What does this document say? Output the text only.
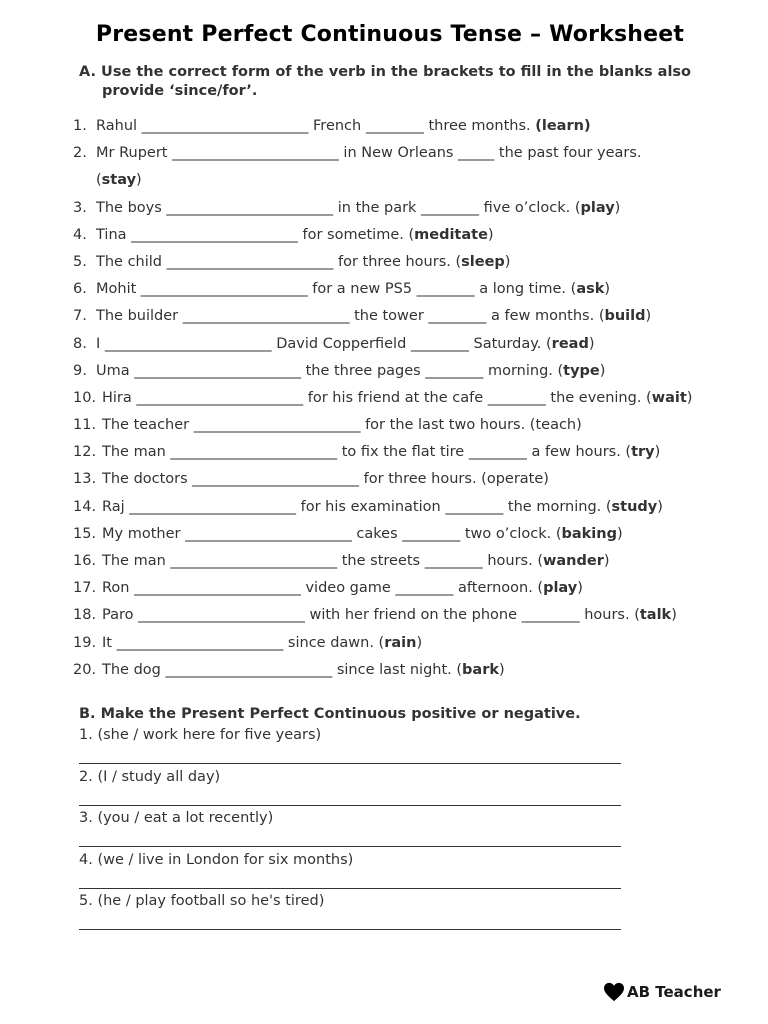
Present Perfect Continuous Tense – Worksheet
A. Use the correct form of the verb in the brackets to fill in the blanks also
provide ‘since/for’.
1. Rahul _______________________ French ________ three months. (learn)
2. Mr Rupert _______________________ in New Orleans _____ the past four years.
(stay)
3. The boys _______________________ in the park ________ five o’clock. (play)
4. Tina _______________________ for sometime. (meditate)
5. The child _______________________ for three hours. (sleep)
6. Mohit _______________________ for a new PS5 ________ a long time. (ask)
7. The builder _______________________ the tower ________ a few months. (build)
8. I _______________________ David Copperfield ________ Saturday. (read)
9. Uma _______________________ the three pages ________ morning. (type)
10. Hira _______________________ for his friend at the cafe ________ the evening. (wait)
11. The teacher _______________________ for the last two hours. (teach)
12. The man _______________________ to fix the flat tire ________ a few hours. (try)
13. The doctors _______________________ for three hours. (operate)
14. Raj _______________________ for his examination ________ the morning. (study)
15. My mother _______________________ cakes ________ two o’clock. (baking)
16. The man _______________________ the streets ________ hours. (wander)
17. Ron _______________________ video game ________ afternoon. (play)
18. Paro _______________________ with her friend on the phone ________ hours. (talk)
19. It _______________________ since dawn. (rain)
20. The dog _______________________ since last night. (bark)
B. Make the Present Perfect Continuous positive or negative.
1. (she / work here for five years)
2. (I / study all day)
3. (you / eat a lot recently)
4. (we / live in London for six months)
5. (he / play football so he's tired)
AB Teacher
